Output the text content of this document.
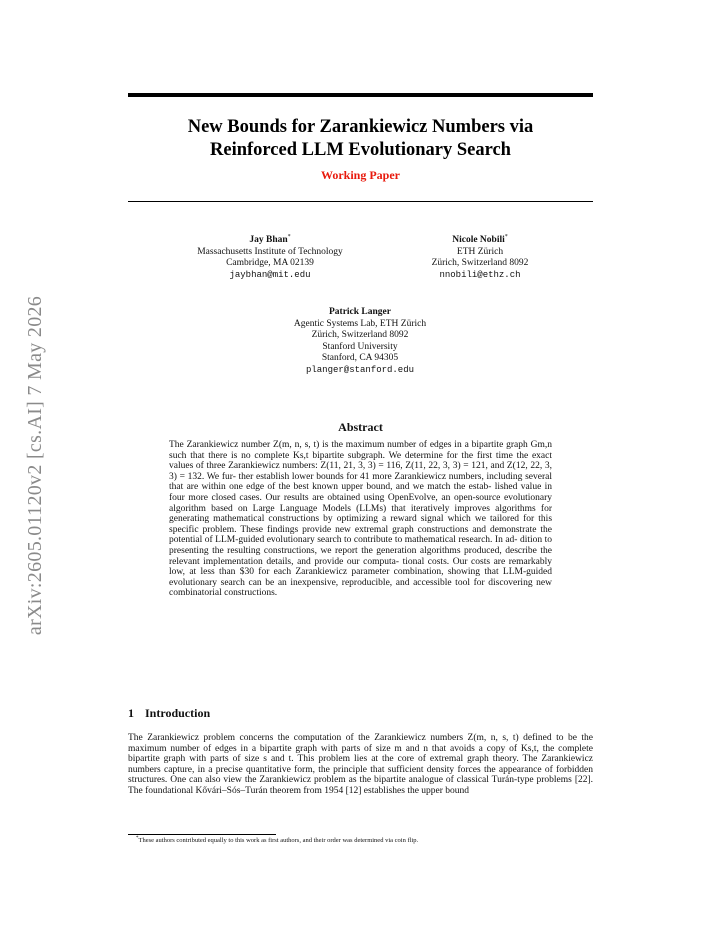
arXiv:2605.01120v2 [cs.AI] 7 May 2026
New Bounds for Zarankiewicz Numbers via
Reinforced LLM Evolutionary Search
Working Paper
Jay Bhan*
Massachusetts Institute of Technology
Cambridge, MA 02139
jaybhan@mit.edu
Nicole Nobili*
ETH Zürich
Zürich, Switzerland 8092
nnobili@ethz.ch
Patrick Langer
Agentic Systems Lab, ETH Zürich
Zürich, Switzerland 8092
Stanford University
Stanford, CA 94305
planger@stanford.edu
Abstract

The Zarankiewicz number Z(m, n, s, t) is the maximum number of edges in a bipartite graph Gm,n such that there is no complete Ks,t bipartite subgraph. We determine for the first time the exact values of three Zarankiewicz numbers: Z(11, 21, 3, 3) = 116, Z(11, 22, 3, 3) = 121, and Z(12, 22, 3, 3) = 132. We fur- ther establish lower bounds for 41 more Zarankiewicz numbers, including several that are within one edge of the best known upper bound, and we match the estab- lished value in four more closed cases. Our results are obtained using OpenEvolve, an open-source evolutionary algorithm based on Large Language Models (LLMs) that iteratively improves algorithms for generating mathematical constructions by optimizing a reward signal which we tailored for this specific problem. These findings provide new extremal graph constructions and demonstrate the potential of LLM-guided evolutionary search to contribute to mathematical research. In ad- dition to presenting the resulting constructions, we report the generation algorithms produced, describe the relevant implementation details, and provide our computa- tional costs. Our costs are remarkably low, at less than $30 for each Zarankiewicz parameter combination, showing that LLM-guided evolutionary search can be an inexpensive, reproducible, and accessible tool for discovering new combinatorial constructions.

1 Introduction

The Zarankiewicz problem concerns the computation of the Zarankiewicz numbers Z(m, n, s, t) defined to be the maximum number of edges in a bipartite graph with parts of size m and n that avoids a copy of Ks,t, the complete bipartite graph with parts of size s and t. This problem lies at the core of extremal graph theory. The Zarankiewicz numbers capture, in a precise quantitative form, the principle that sufficient density forces the appearance of forbidden structures. One can also view the Zarankiewicz problem as the bipartite analogue of classical Turán-type problems [22]. The foundational Kővári–Sós–Turán theorem from 1954 [12] establishes the upper bound

*These authors contributed equally to this work as first authors, and their order was determined via coin flip.
